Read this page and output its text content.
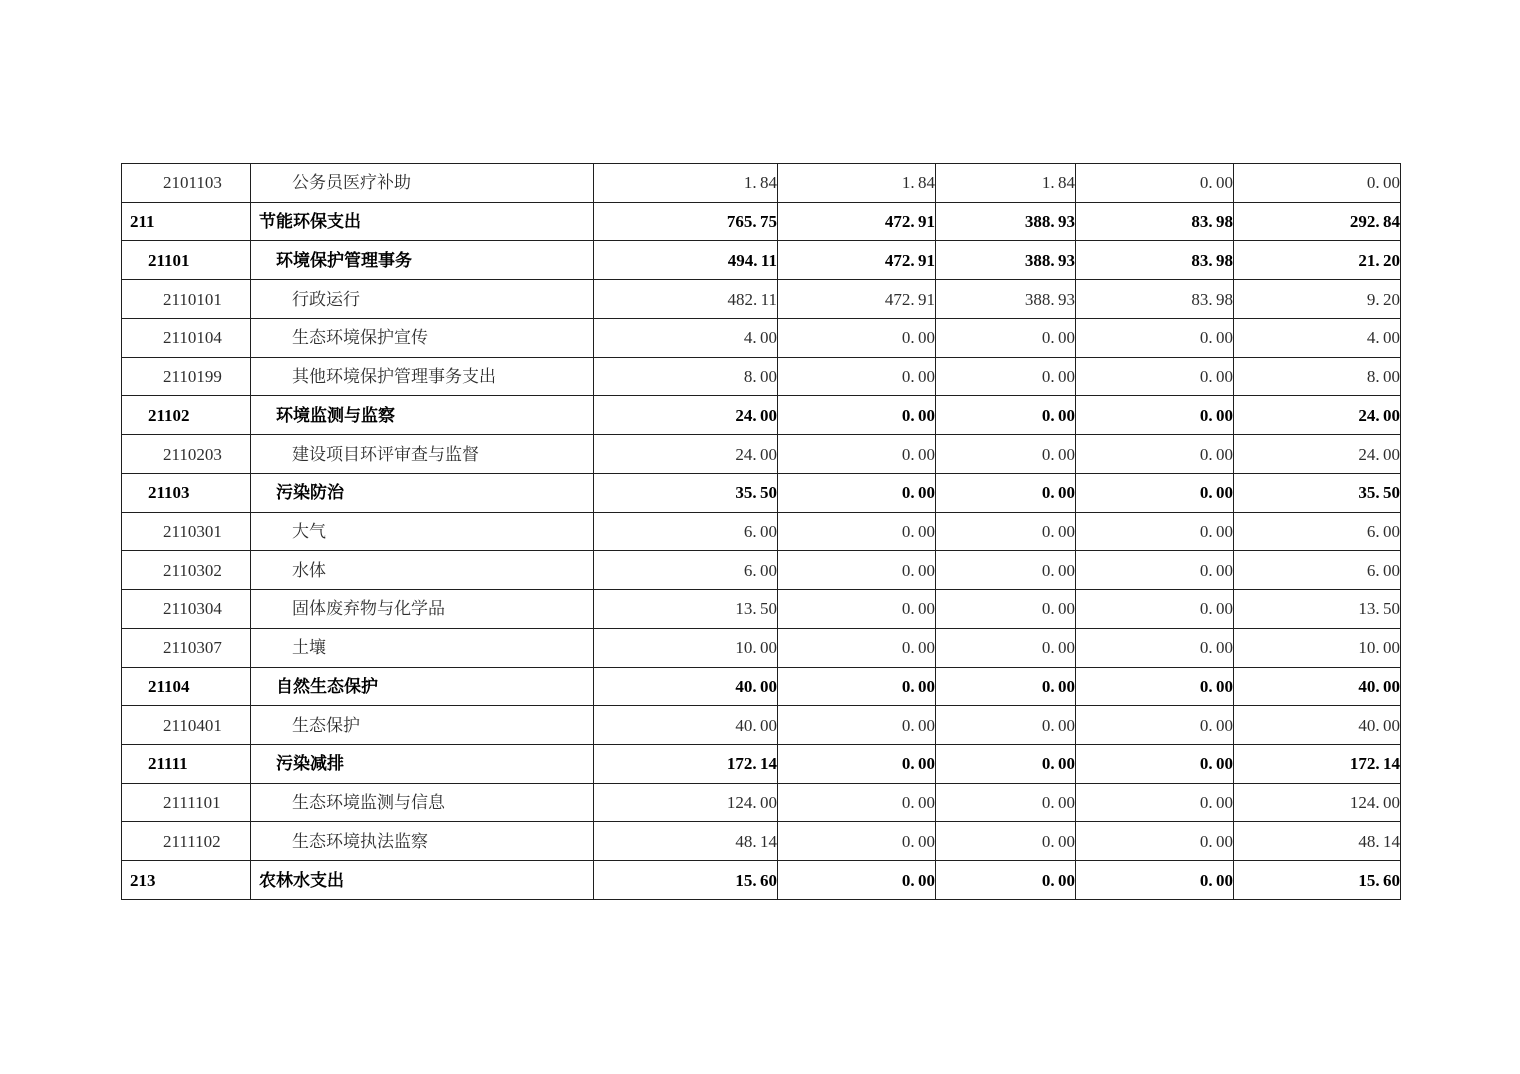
2101103	公务员医疗补助	1. 84	1. 84	1. 84	0. 00	0. 00
211	节能环保支出	765. 75	472. 91	388. 93	83. 98	292. 84
21101	环境保护管理事务	494. 11	472. 91	388. 93	83. 98	21. 20
2110101	行政运行	482. 11	472. 91	388. 93	83. 98	9. 20
2110104	生态环境保护宣传	4. 00	0. 00	0. 00	0. 00	4. 00
2110199	其他环境保护管理事务支出	8. 00	0. 00	0. 00	0. 00	8. 00
21102	环境监测与监察	24. 00	0. 00	0. 00	0. 00	24. 00
2110203	建设项目环评审查与监督	24. 00	0. 00	0. 00	0. 00	24. 00
21103	污染防治	35. 50	0. 00	0. 00	0. 00	35. 50
2110301	大气	6. 00	0. 00	0. 00	0. 00	6. 00
2110302	水体	6. 00	0. 00	0. 00	0. 00	6. 00
2110304	固体废弃物与化学品	13. 50	0. 00	0. 00	0. 00	13. 50
2110307	土壤	10. 00	0. 00	0. 00	0. 00	10. 00
21104	自然生态保护	40. 00	0. 00	0. 00	0. 00	40. 00
2110401	生态保护	40. 00	0. 00	0. 00	0. 00	40. 00
21111	污染减排	172. 14	0. 00	0. 00	0. 00	172. 14
2111101	生态环境监测与信息	124. 00	0. 00	0. 00	0. 00	124. 00
2111102	生态环境执法监察	48. 14	0. 00	0. 00	0. 00	48. 14
213	农林水支出	15. 60	0. 00	0. 00	0. 00	15. 60
